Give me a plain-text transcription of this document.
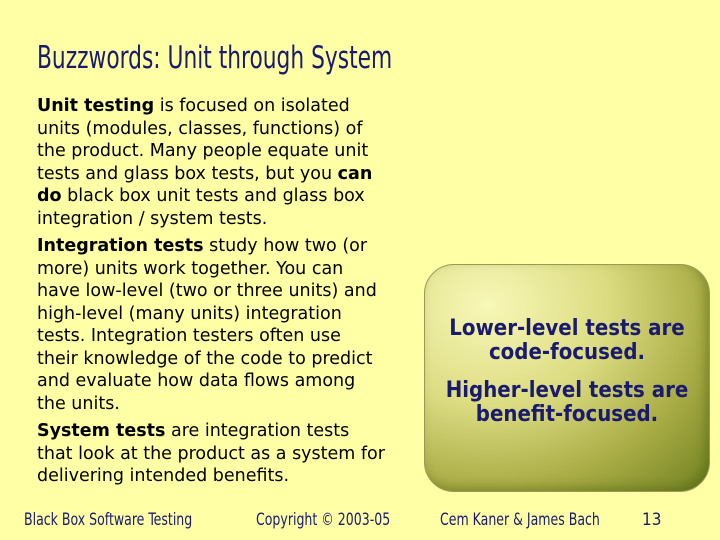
Buzzwords: Unit through System

Unit testing is focused on isolated units (modules, classes, functions) of the product. Many people equate unit tests and glass box tests, but you can do black box unit tests and glass box integration / system tests.

Integration tests study how two (or more) units work together. You can have low-level (two or three units) and high-level (many units) integration tests. Integration testers often use their knowledge of the code to predict and evaluate how data flows among the units.

System tests are integration tests that look at the product as a system for delivering intended benefits.

Lower-level tests are
code-focused.
Higher-level tests are
benefit-focused.
Black Box Software Testing	Copyright © 2003-05	Cem Kaner & James Bach 13
